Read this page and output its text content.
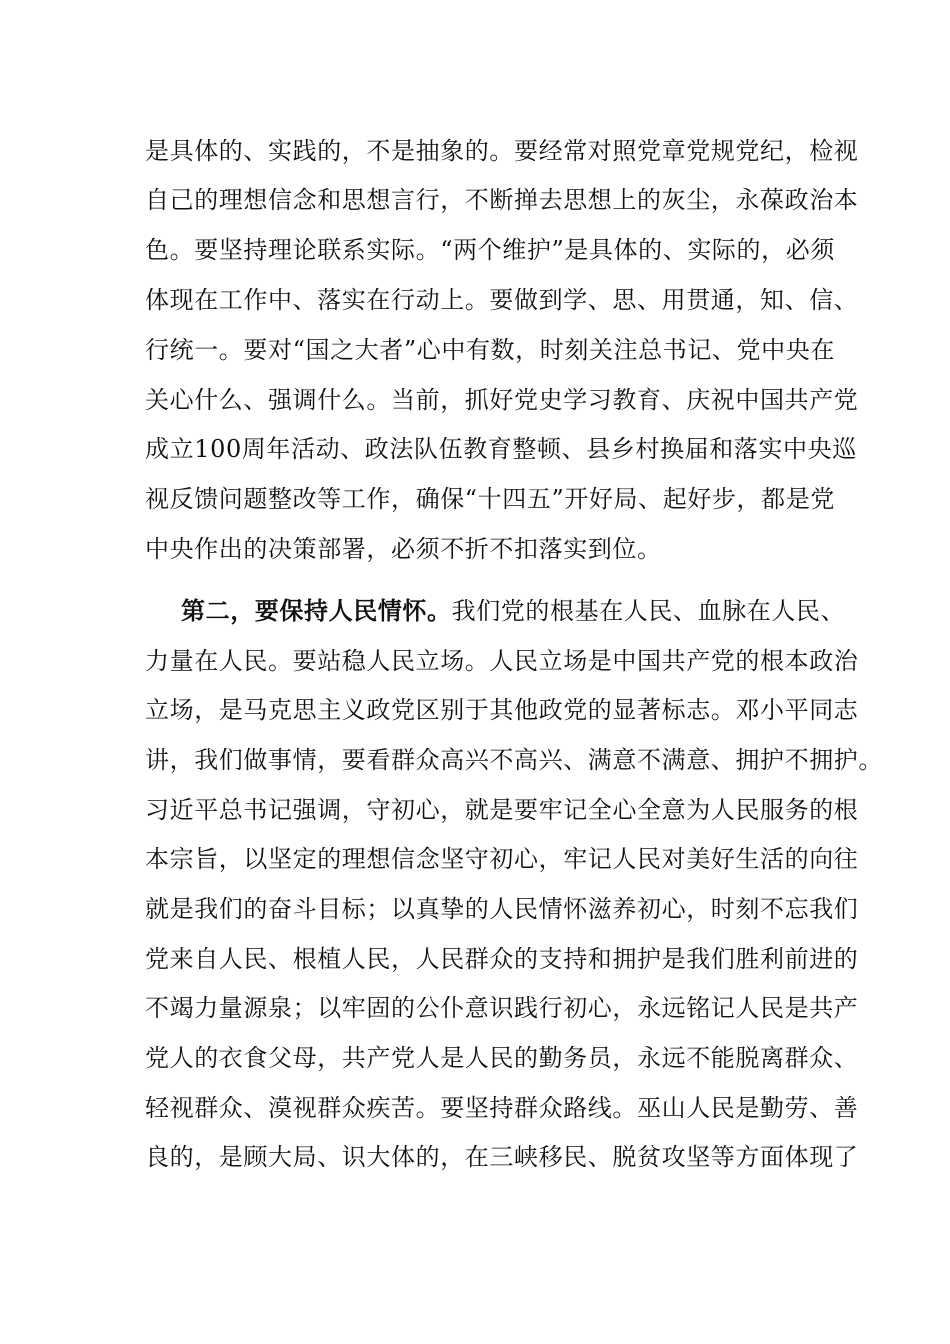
是具体的、实践的，不是抽象的。要经常对照党章党规党纪，检视
自己的理想信念和思想言行，不断掸去思想上的灰尘，永葆政治本
色。要坚持理论联系实际。“两个维护”是具体的、实际的，必须
体现在工作中、落实在行动上。要做到学、思、用贯通，知、信、
行统一。要对“国之大者”心中有数，时刻关注总书记、党中央在
关心什么、强调什么。当前，抓好党史学习教育、庆祝中国共产党
成立100周年活动、政法队伍教育整顿、县乡村换届和落实中央巡
视反馈问题整改等工作，确保“十四五”开好局、起好步，都是党
中央作出的决策部署，必须不折不扣落实到位。
第二，要保持人民情怀。我们党的根基在人民、血脉在人民、
力量在人民。要站稳人民立场。人民立场是中国共产党的根本政治
立场，是马克思主义政党区别于其他政党的显著标志。邓小平同志
讲，我们做事情，要看群众高兴不高兴、满意不满意、拥护不拥护。
习近平总书记强调，守初心，就是要牢记全心全意为人民服务的根
本宗旨，以坚定的理想信念坚守初心，牢记人民对美好生活的向往
就是我们的奋斗目标；以真挚的人民情怀滋养初心，时刻不忘我们
党来自人民、根植人民，人民群众的支持和拥护是我们胜利前进的
不竭力量源泉；以牢固的公仆意识践行初心，永远铭记人民是共产
党人的衣食父母，共产党人是人民的勤务员，永远不能脱离群众、
轻视群众、漠视群众疾苦。要坚持群众路线。巫山人民是勤劳、善
良的，是顾大局、识大体的，在三峡移民、脱贫攻坚等方面体现了
